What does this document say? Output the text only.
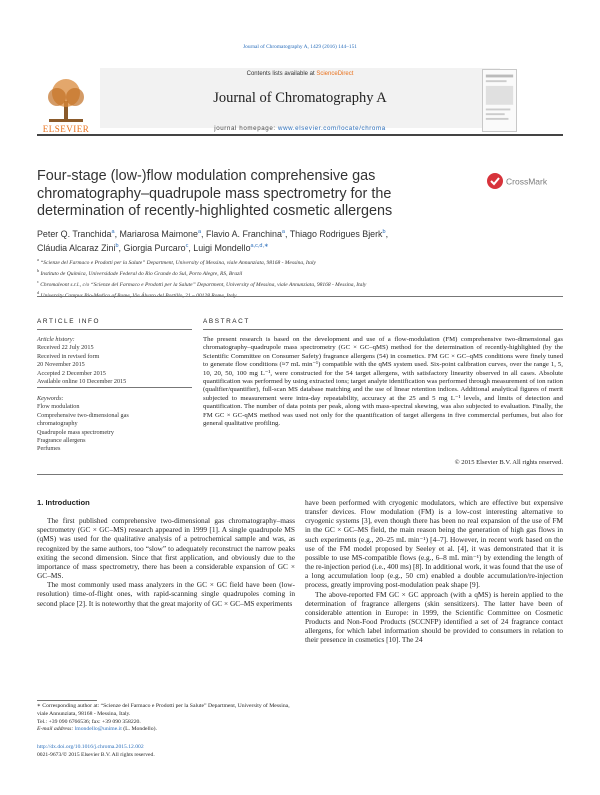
Journal of Chromatography A, 1429 (2016) 144–151
ELSEVIER
Contents lists available at ScienceDirect
Journal of Chromatography A
journal homepage: www.elsevier.com/locate/chroma
Four-stage (low-)flow modulation comprehensive gas chromatography–quadrupole mass spectrometry for the determination of recently-highlighted cosmetic allergens
CrossMark
Peter Q. Tranchida$^a$, Mariarosa Maimone$^a$, Flavio A. Franchina$^a$, Thiago Rodrigues Bjerk$^b$,
Cláudia Alcaraz Zini$^b$, Giorgia Purcaro$^c$, Luigi Mondello$^{a,c,d,∗}$
$^a$ “Scienze del Farmaco e Prodotti per la Salute” Department, University of Messina, viale Annunziata, 98168 - Messina, Italy
$^b$ Instituto de Química, Universidade Federal do Rio Grande do Sul, Porto Alegre, RS, Brazil
$^c$ Chromaleont s.r.l., c/o “Scienze del Farmaco e Prodotti per la Salute” Department, University of Messina, viale Annunziata, 98168 - Messina, Italy
$^d$ University Campus Bio-Medico of Rome, Via Álvaro del Portillo, 21 – 00128 Rome, Italy
ARTICLE INFO
Article history:
Received 22 July 2015
Received in revised form
20 November 2015
Accepted 2 December 2015
Available online 10 December 2015
Keywords:
Flow modulation
Comprehensive two-dimensional gas
chromatography
Quadrupole mass spectrometry
Fragrance allergens
Perfumes
ABSTRACT
The present research is based on the development and use of a flow-modulation (FM) comprehensive two-dimensional gas chromatography–quadrupole mass spectrometry (GC × GC–qMS) method for the determination of recently-highlighted (by the Scientific Committee on Consumer Safety) fragrance allergens (54) in cosmetics. FM GC × GC–qMS conditions were finely tuned to generate flow conditions (≈7 mL min⁻¹) compatible with the qMS system used. Six-point calibration curves, over the range 1, 5, 10, 20, 50, 100 mg L⁻¹, were constructed for the 54 target allergens, with satisfactory linearity observed in all cases. Absolute quantification was performed by using extracted ions; target analyte identification was performed through measurement of ion ration (qualifier/quantifier), full-scan MS database matching and the use of linear retention indices. Additional analytical figures of merit subjected to measurement were intra-day repeatability, accuracy at the 25 and 5 mg L⁻¹ levels, and limits of detection and quantification. The number of data points per peak, along with mass-spectral skewing, was also subjected to evaluation. Finally, the FM GC × GC-qMS method was used not only for the quantification of target allergens in five commercial perfumes, but also for general qualitative profiling.
© 2015 Elsevier B.V. All rights reserved.
1. Introduction

The first published comprehensive two-dimensional gas chromatography–mass spectrometry (GC × GC–MS) research appeared in 1999 [1]. A single quadrupole MS (qMS) was used for the qualitative analysis of a petrochemical sample and was, as recognized by the same authors, too “slow” to adequately reconstruct the narrow peaks exiting the second dimension. Since that first application, and obviously due to the importance of mass spectrometry, there has been a considerable expansion of GC × GC–MS.

The most commonly used mass analyzers in the GC × GC field have been (low-resolution) time-of-flight ones, with rapid-scanning single quadrupoles coming in second place [2]. It is noteworthy that the great majority of GC × GC–MS experiments

have been performed with cryogenic modulators, which are effective but expensive transfer devices. Flow modulation (FM) is a low-cost interesting alternative to cryogenic systems [3], even though there has been no real expansion of the use of FM in the GC × GC–MS field, the main reason being the generation of high gas flows in such experiments (e.g., 20–25 mL min⁻¹) [4–7]. However, in recent work based on the use of the FM model proposed by Seeley et al. [4], it was demonstrated that it is possible to use MS-compatible flows (e.g., 6–8 mL min⁻¹) by extending the length of the re-injection period (i.e., 400 ms) [8]. In additional work, it was found that the use of a long accumulation loop (e.g., 50 cm) enabled a double accumulation/re-injection process, greatly improving post-modulation peak shape [9].

The above-reported FM GC × GC approach (with a qMS) is herein applied to the determination of fragrance allergens (skin sensitizers). The latter have been of considerable attention in Europe: in 1999, the Scientific Committee on Cosmetic Products and Non-Food Products (SCCNFP) identified a set of 24 fragrance contact allergens, for which label information should be provided to consumers in relation to their presence in cosmetics [10]. The 24

∗ Corresponding author at: “Scienze del Farmaco e Prodotti per la Salute” Department, University of Messina, viale Annunziata, 98168 - Messina, Italy.
Tel.: +39 090 6766536; fax: +39 090 358220.
E-mail address: lmondello@unime.it (L. Mondello).
http://dx.doi.org/10.1016/j.chroma.2015.12.002
0021-9673/© 2015 Elsevier B.V. All rights reserved.
